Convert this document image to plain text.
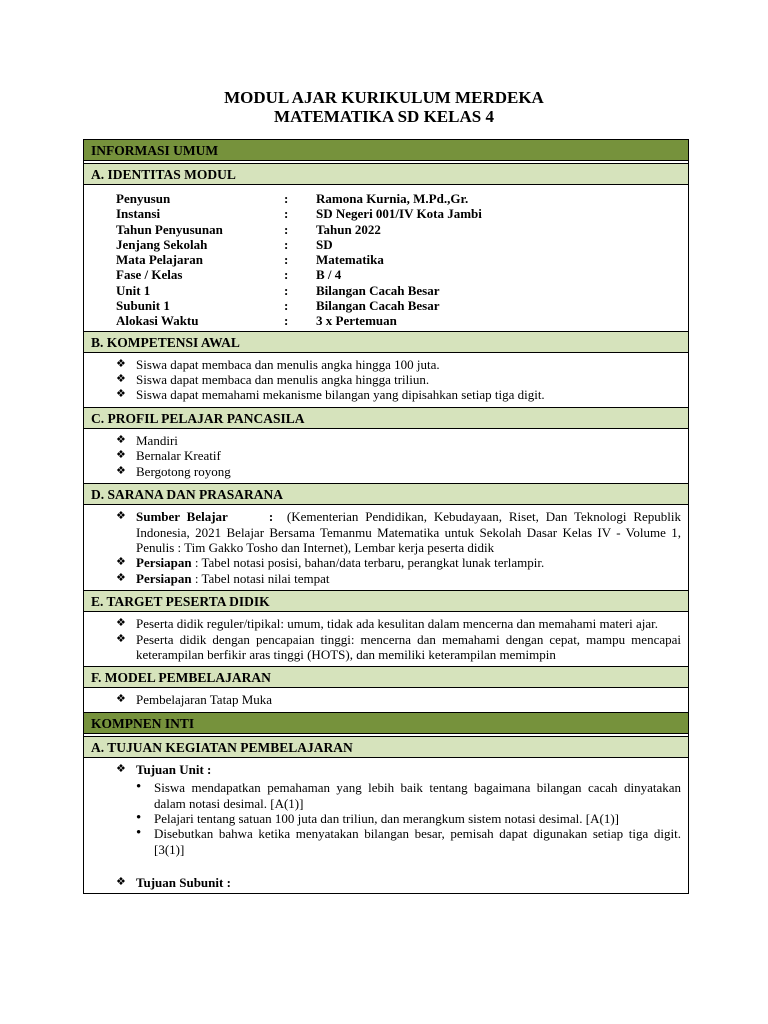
MODUL AJAR KURIKULUM MERDEKA
MATEMATIKA SD KELAS 4
INFORMASI UMUM
A. IDENTITAS MODUL
Penyusun	:	Ramona Kurnia, M.Pd.,Gr.
Instansi	:	SD Negeri 001/IV Kota Jambi
Tahun Penyusunan	:	Tahun 2022
Jenjang Sekolah	:	SD
Mata Pelajaran	:	Matematika
Fase / Kelas	:	B / 4
Unit 1	:	Bilangan Cacah Besar
Subunit 1	:	Bilangan Cacah Besar
Alokasi Waktu	:	3 x Pertemuan
B. KOMPETENSI AWAL
❖ Siswa dapat membaca dan menulis angka hingga 100 juta.
❖ Siswa dapat membaca dan menulis angka hingga triliun.
❖ Siswa dapat memahami mekanisme bilangan yang dipisahkan setiap tiga digit.
C. PROFIL PELAJAR PANCASILA
❖ Mandiri
❖ Bernalar Kreatif
❖ Bergotong royong
D. SARANA DAN PRASARANA
❖ Sumber Belajar	: (Kementerian Pendidikan, Kebudayaan, Riset, Dan Teknologi Republik Indonesia, 2021 Belajar Bersama Temanmu Matematika untuk Sekolah Dasar Kelas IV - Volume 1, Penulis : Tim Gakko Tosho dan Internet), Lembar kerja peserta didik
❖ Persiapan : Tabel notasi posisi, bahan/data terbaru, perangkat lunak terlampir.
❖ Persiapan : Tabel notasi nilai tempat
E. TARGET PESERTA DIDIK
❖ Peserta didik reguler/tipikal: umum, tidak ada kesulitan dalam mencerna dan memahami materi ajar.
❖ Peserta didik dengan pencapaian tinggi: mencerna dan memahami dengan cepat, mampu mencapai keterampilan berfikir aras tinggi (HOTS), dan memiliki keterampilan memimpin
F. MODEL PEMBELAJARAN
❖ Pembelajaran Tatap Muka
KOMPNEN INTI
A. TUJUAN KEGIATAN PEMBELAJARAN
❖ Tujuan Unit :
• Siswa mendapatkan pemahaman yang lebih baik tentang bagaimana bilangan cacah dinyatakan dalam notasi desimal. [A(1)]
• Pelajari tentang satuan 100 juta dan triliun, dan merangkum sistem notasi desimal. [A(1)]
• Disebutkan bahwa ketika menyatakan bilangan besar, pemisah dapat digunakan setiap tiga digit. [3(1)]
❖ Tujuan Subunit :
